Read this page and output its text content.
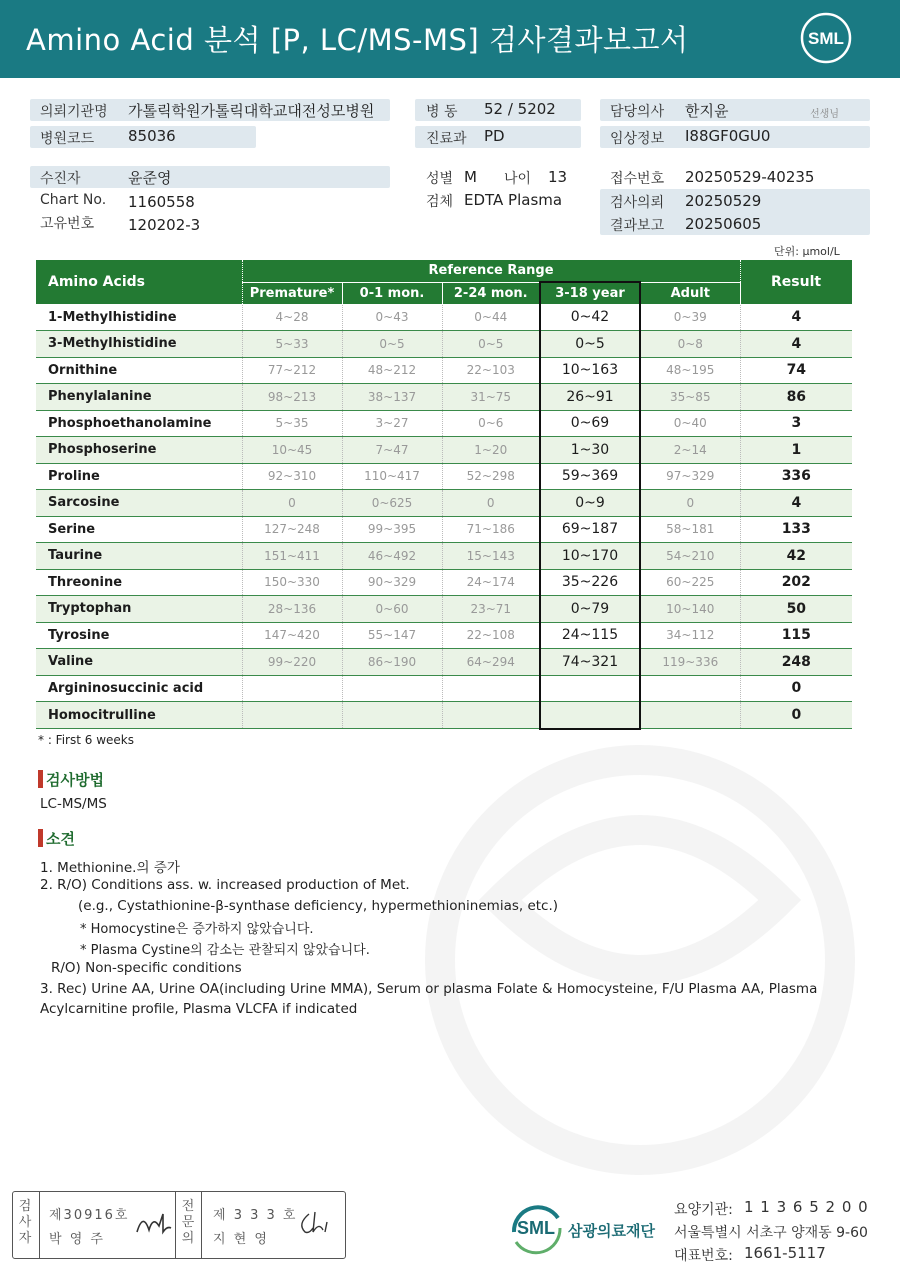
Amino Acid 분석 [P, LC/MS-MS] 검사결과보고서	SML
의뢰기관명 가톨릭학원가톨릭대학교대전성모병원
병원코드 85036
병 동 52 / 5202
진료과 PD
담당의사 한지윤	선생님
임상정보 I88GF0GU0
수진자	윤준영
Chart No. 1160558
고유번호 120202-3
성별 M 나이 13
검체 EDTA Plasma
접수번호 20250529-40235
검사의뢰 20250529
결과보고 20250605
단위: μmol/L
Amino Acids	Reference Range					Result
	Premature*	0-1 mon.	2-24 mon.	3-18 year	Adult	
1-Methylhistidine	4~28	0~43	0~44	0~42	0~39	4
3-Methylhistidine	5~33	0~5	0~5	0~5	0~8	4
Ornithine	77~212	48~212	22~103	10~163	48~195	74
Phenylalanine	98~213	38~137	31~75	26~91	35~85	86
Phosphoethanolamine	5~35	3~27	0~6	0~69	0~40	3
Phosphoserine	10~45	7~47	1~20	1~30	2~14	1
Proline	92~310	110~417	52~298	59~369	97~329	336
Sarcosine	0	0~625	0	0~9	0	4
Serine	127~248	99~395	71~186	69~187	58~181	133
Taurine	151~411	46~492	15~143	10~170	54~210	42
Threonine	150~330	90~329	24~174	35~226	60~225	202
Tryptophan	28~136	0~60	23~71	0~79	10~140	50
Tyrosine	147~420	55~147	22~108	24~115	34~112	115
Valine	99~220	86~190	64~294	74~321	119~336	248
Argininosuccinic acid						0
Homocitrulline						0
* : First 6 weeks
검사방법
LC-MS/MS
소견
1. Methionine.의 증가
2. R/O) Conditions ass. w. increased production of Met.
(e.g., Cystathionine-β-synthase deficiency, hypermethioninemias, etc.)
* Homocystine은 증가하지 않았습니다.
* Plasma Cystine의 감소는 관찰되지 않았습니다.
R/O) Non-specific conditions
3. Rec) Urine AA, Urine OA(including Urine MMA), Serum or plasma Folate & Homocysteine, F/U Plasma AA, Plasma
Acylcarnitine profile, Plasma VLCFA if indicated
검사자
제30916호
박 영 주
전문의
제 3 3 3 호
지 현 영
SML 삼광의료재단
요양기관: 1 1 3 6 5 2 0 0
서울특별시 서초구 양재동 9-60
대표번호: 1661-5117
